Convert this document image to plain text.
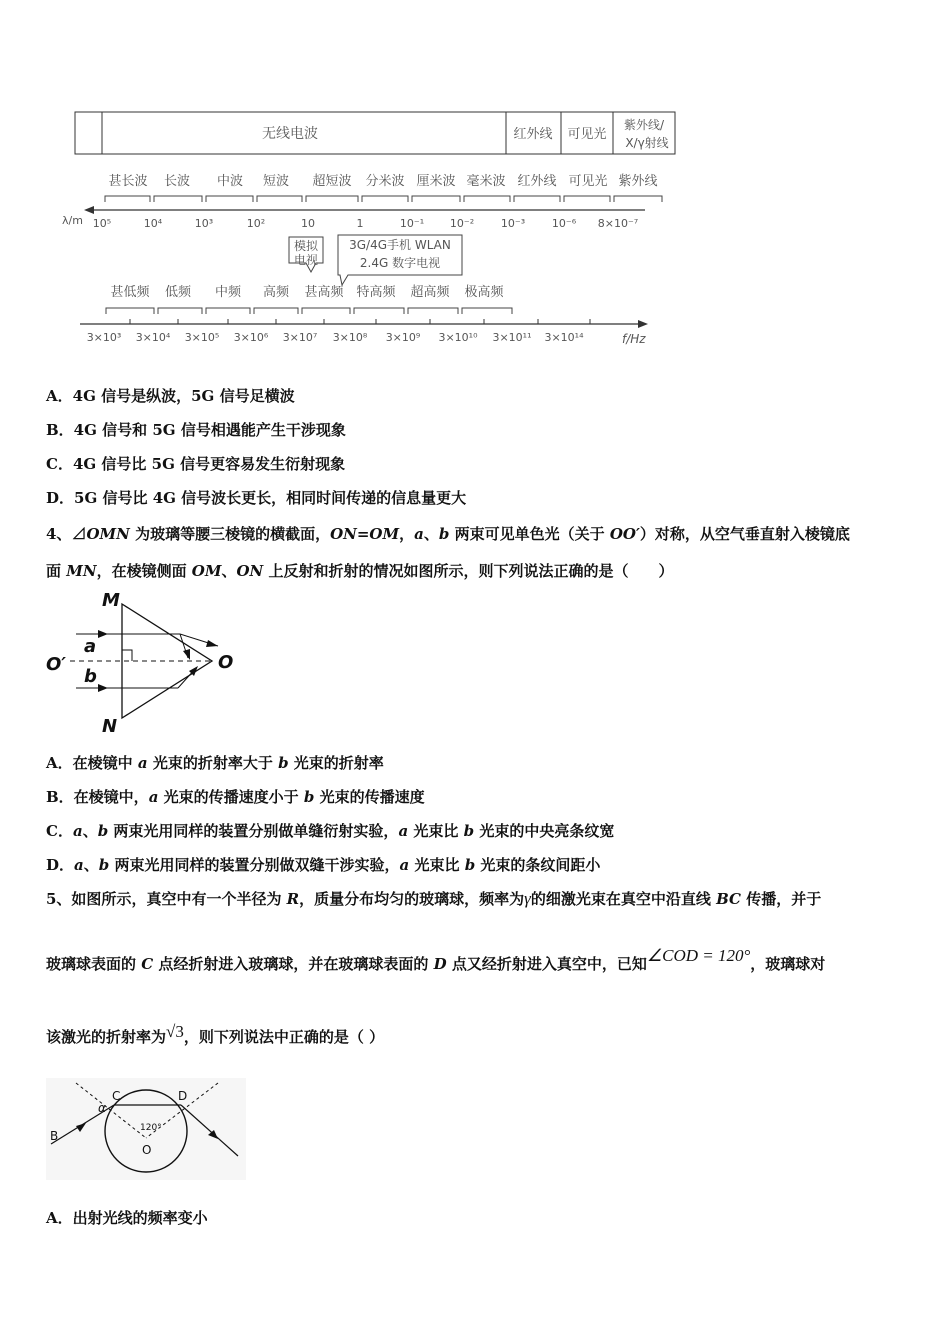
无线电波	红外线 可见光
紫外线/
X/γ射线
甚长波 长波 中波 短波 超短波 分米波 厘米波 毫米波 红外线 可见光 紫外线
λ/m 10⁵	10⁴	10³	10²	10	1	10⁻¹ 10⁻² 10⁻³ 10⁻⁶ 8×10⁻⁷
模拟
电视
3G/4G手机 WLAN
2.4G 数字电视
甚低频 低频 中频 高频 甚高频 特高频 超高频 极高频
3×10³ 3×10⁴ 3×10⁵ 3×10⁶ 3×10⁷ 3×10⁸ 3×10⁹ 3×10¹⁰ 3×10¹¹ 3×10¹⁴	f/Hz
A．4G 信号是纵波，5G 信号足横波
B．4G 信号和 5G 信号相遇能产生干涉现象
C．4G 信号比 5G 信号更容易发生衍射现象
D．5G 信号比 4G 信号波长更长，相同时间传递的信息量更大
4、⊿OMN 为玻璃等腰三棱镜的横截面，ON=OM，a、b 两束可见单色光（关于 OO′）对称，从空气垂直射入棱镜底
面 MN，在棱镜侧面 OM、ON 上反射和折射的情况如图所示，则下列说法正确的是（　　）
M
N
O
O′
a
b
A．在棱镜中 a 光束的折射率大于 b 光束的折射率
B．在棱镜中，a 光束的传播速度小于 b 光束的传播速度
C．a、b 两束光用同样的装置分别做单缝衍射实验，a 光束比 b 光束的中央亮条纹宽
D．a、b 两束光用同样的装置分别做双缝干涉实验，a 光束比 b 光束的条纹间距小
5、如图所示，真空中有一个半径为 R，质量分布均匀的玻璃球，频率为γ的细激光束在真空中沿直线 BC 传播，并于
玻璃球表面的 C 点经折射进入玻璃球，并在玻璃球表面的 D 点又经折射进入真空中，已知∠COD = 120°，玻璃球对
该激光的折射率为√3，则下列说法中正确的是（ ）
B
C	D
O
α
120°
A．出射光线的频率变小
